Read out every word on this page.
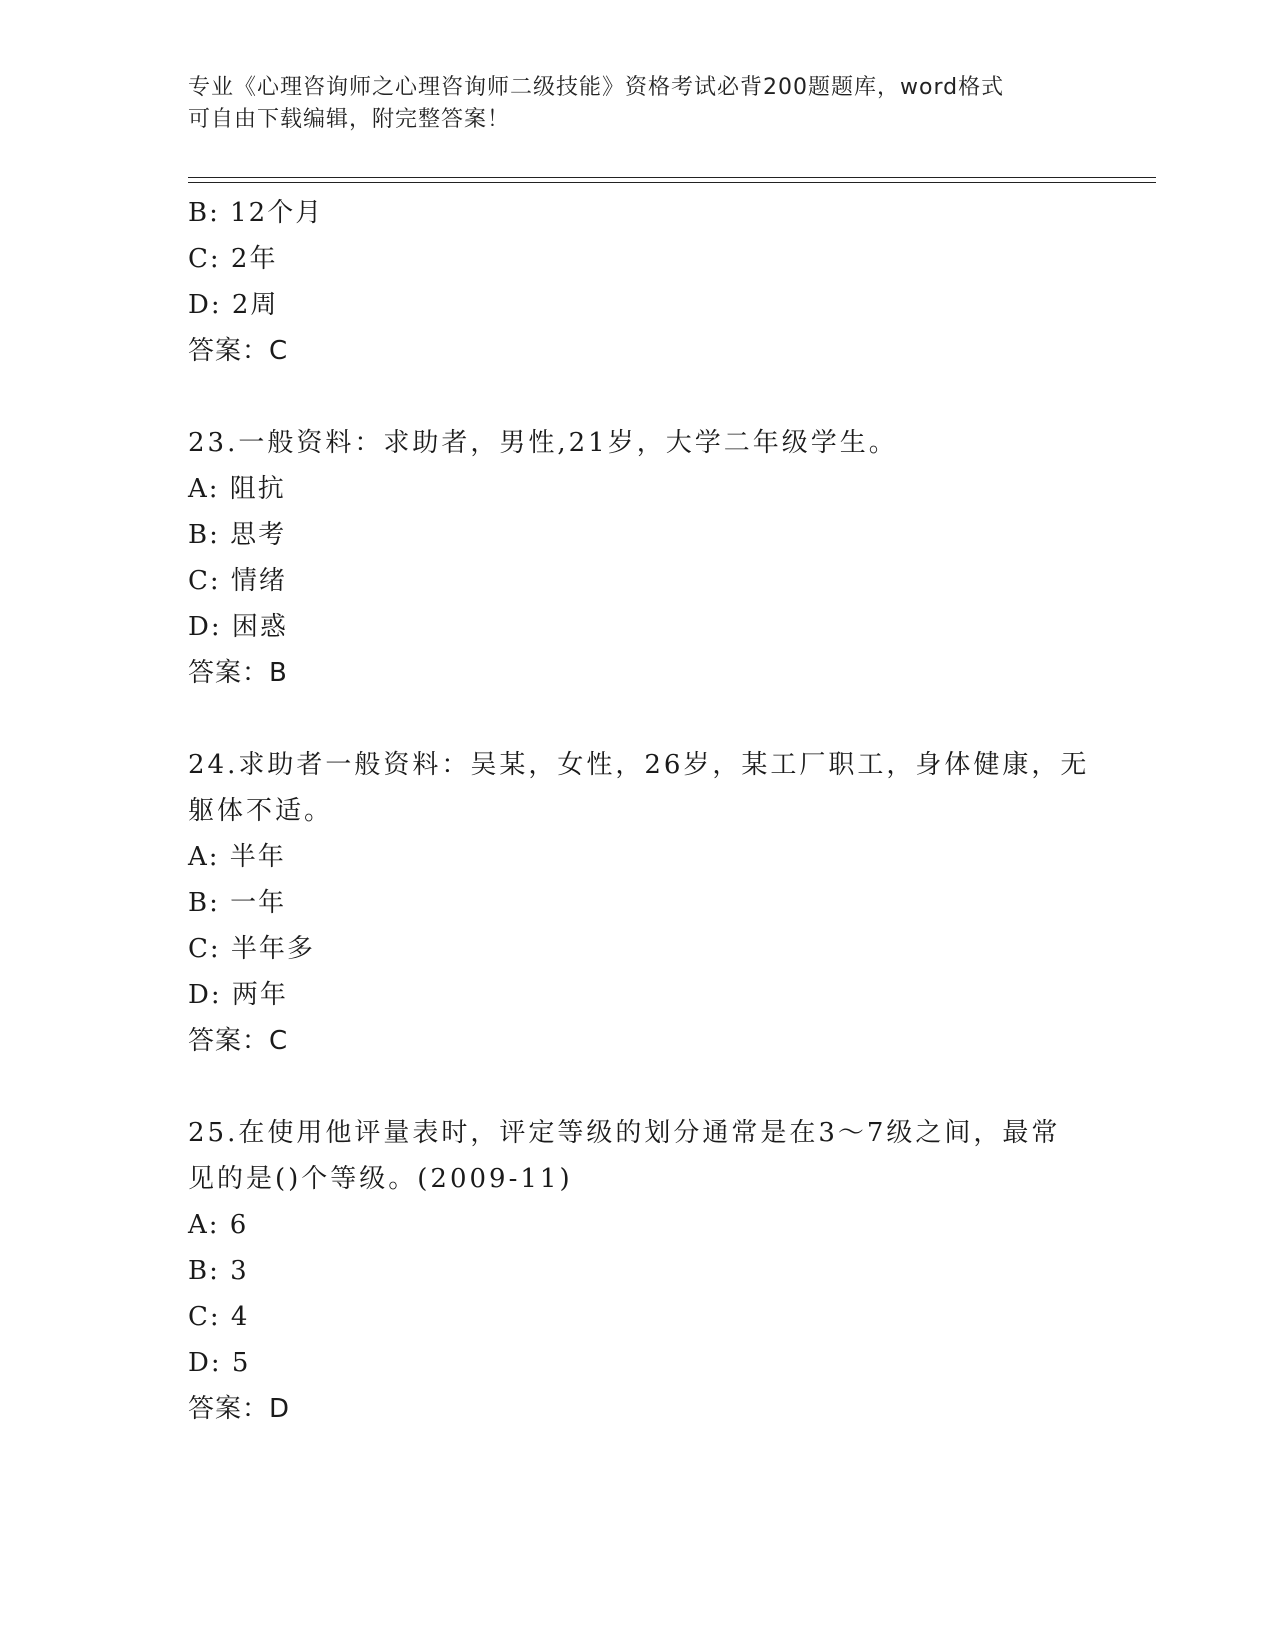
专业《心理咨询师之心理咨询师二级技能》资格考试必背200题题库，word格式
可自由下载编辑，附完整答案！
B: 12个月
C: 2年
D: 2周
答案：C
23.一般资料：求助者，男性,21岁，大学二年级学生。
A: 阻抗
B: 思考
C: 情绪
D: 困惑
答案：B
24.求助者一般资料：吴某，女性，26岁，某工厂职工，身体健康，无
躯体不适。
A: 半年
B: 一年
C: 半年多
D: 两年
答案：C
25.在使用他评量表时，评定等级的划分通常是在3～7级之间，最常
见的是()个等级。(2009-11)
A: 6
B: 3
C: 4
D: 5
答案：D
